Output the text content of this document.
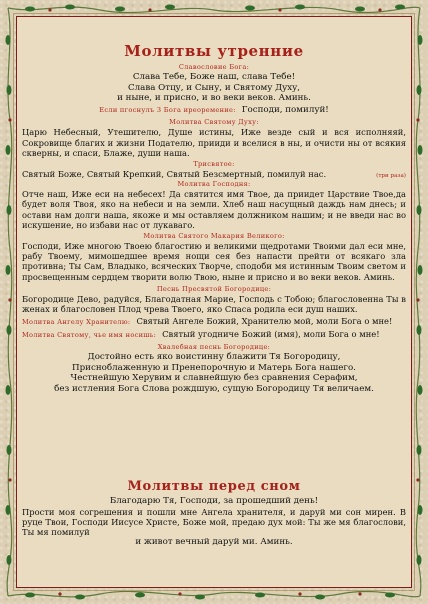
Молитвы утренние
Славословие Бога:
Слава Тебе, Боже наш, слава Тебе!
Слава Отцу, и Сыну, и Святому Духу,
и ныне, и присно, и во веки веков. Аминь.
Если пгоснулъ 3 Бога иреоремение: Господи, помилуй!
Молитва Святому Духу:

Царю Небесный, Утешителю, Душе истины, Иже везде сый и вся исполняяй, Сокровище благих и жизни Подателю, прииди и вселися в ны, и очисти ны от всякия скверны, и спаси, Блаже, души наша.

Трисвятое:
Святый Боже, Святый Крепкий, Святый Безсмертный, помилуй нас.	(три раза)
Молитва Господня:

Отче наш, Иже еси на небесех! Да святится имя Твое, да приидет Царствие Твое,да будет воля Твоя, яко на небеси и на земли. Хлеб наш насущный даждь нам днесь; и остави нам долги наша, якоже и мы оставляем должником нашим; и не введи нас во искушение, но избави нас от лукаваго.

Молитва Святого Макария Великого:

Господи, Иже многою Твоею благостию и великими щедротами Твоими дал еси мне, рабу Твоему, мимошедшее время нощи сея без напасти прейти от всякаго зла противна; Ты Сам, Владыко, всяческих Творче, сподоби мя истинным Твоим светом и просвещенным сердцем творити волю Твою, ныне и присно и во веки веков. Аминь.

Песнь Пресвятой Богородице:

Богородице Дево, радуйся, Благодатная Марие, Господь с Тобою; благословенна Ты в женах и благословен Плод чрева Твоего, яко Спаса родила еси душ наших.

Молитва Ангелу Хранителю: Святый Ангеле Божий, Хранителю мой, моли Бога о мне!
Молитва Святому, чье имя носишь: Святый угодниче Божий (имя), моли Бога о мне!
Хвалебная песнь Богородице:
Достойно есть яко воистинну блажити Тя Богородицу,
Присноблаженную и Пренепорочную и Матерь Бога нашего.
Честнейшую Херувим и славнейшую без сравнения Серафим,
без истления Бога Слова рождшую, сущую Богородицу Тя величаем.
Молитвы перед сном
Благодарю Тя, Господи, за прошедший день!

Прости моя согрешения и пошли мне Ангела хранителя, и даруй ми сон мирен. В руце Твои, Господи Иисусе Христе, Боже мой, предаю дух мой: Ты же мя благослови, Ты мя помилуй

и живот вечный даруй ми. Аминь.
